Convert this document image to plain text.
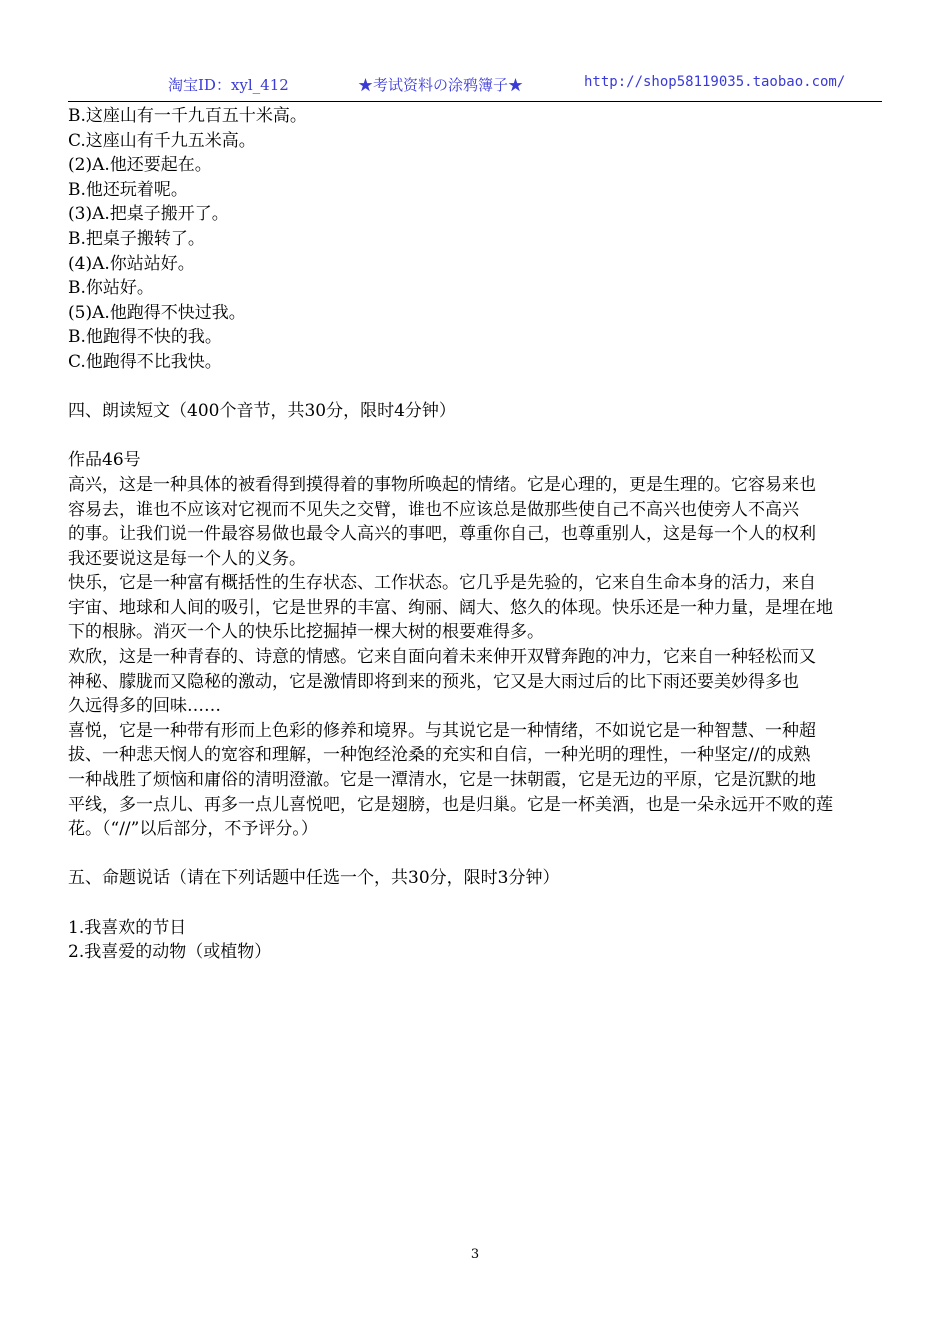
淘宝ID：xyl_412	★考试资料の涂鸦簿子★	http://shop58119035.taobao.com/
B.这座山有一千九百五十米高。
C.这座山有千九五米高。
(2)A.他还要起在。
B.他还玩着呢。
(3)A.把桌子搬开了。
B.把桌子搬转了。
(4)A.你站站好。
B.你站好。
(5)A.他跑得不快过我。
B.他跑得不快的我。
C.他跑得不比我快。
四、朗读短文（400个音节，共30分，限时4分钟）
作品46号
高兴，这是一种具体的被看得到摸得着的事物所唤起的情绪。它是心理的，更是生理的。它容易来也
容易去，谁也不应该对它视而不见失之交臂，谁也不应该总是做那些使自己不高兴也使旁人不高兴
的事。让我们说一件最容易做也最令人高兴的事吧，尊重你自己，也尊重别人，这是每一个人的权利
我还要说这是每一个人的义务。
快乐，它是一种富有概括性的生存状态、工作状态。它几乎是先验的，它来自生命本身的活力，来自
宇宙、地球和人间的吸引，它是世界的丰富、绚丽、阔大、悠久的体现。快乐还是一种力量，是埋在地
下的根脉。消灭一个人的快乐比挖掘掉一棵大树的根要难得多。
欢欣，这是一种青春的、诗意的情感。它来自面向着未来伸开双臂奔跑的冲力，它来自一种轻松而又
神秘、朦胧而又隐秘的激动，它是激情即将到来的预兆，它又是大雨过后的比下雨还要美妙得多也
久远得多的回味……
喜悦，它是一种带有形而上色彩的修养和境界。与其说它是一种情绪，不如说它是一种智慧、一种超
拔、一种悲天悯人的宽容和理解，一种饱经沧桑的充实和自信，一种光明的理性，一种坚定//的成熟
一种战胜了烦恼和庸俗的清明澄澈。它是一潭清水，它是一抹朝霞，它是无边的平原，它是沉默的地
平线，多一点儿、再多一点儿喜悦吧，它是翅膀，也是归巢。它是一杯美酒，也是一朵永远开不败的莲
花。（“//”以后部分，不予评分。）
五、命题说话（请在下列话题中任选一个，共30分，限时3分钟）
1.我喜欢的节日
2.我喜爱的动物（或植物）
3
